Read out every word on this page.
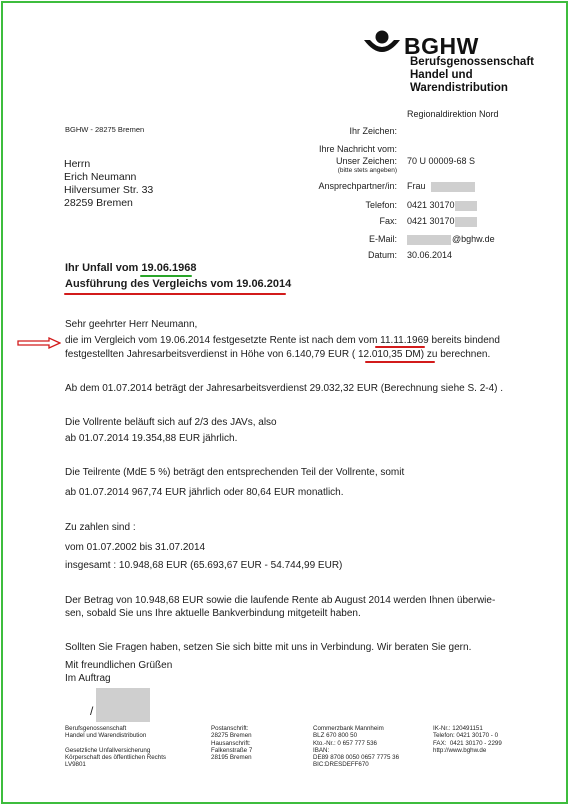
BGHW
Berufsgenossenschaft Handel und Warendistribution
Regionaldirektion Nord
BGHW - 28275 Bremen
Herrn
Erich Neumann
Hilversumer Str. 33
28259 Bremen
Ihr Zeichen:
Ihre Nachricht vom:
Unser Zeichen:
(bitte stets angeben)
70 U 00009-68 S
Ansprechpartner/in: Frau
Telefon: 0421 30170
Fax: 0421 30170
E-Mail:	@bghw.de
Datum: 30.06.2014
Ihr Unfall vom 19.06.1968
Ausführung des Vergleichs vom 19.06.2014
Sehr geehrter Herr Neumann,
die im Vergleich vom 19.06.2014 festgesetzte Rente ist nach dem vom 11.11.1969 bereits bindend
festgestellten Jahresarbeitsverdienst in Höhe von 6.140,79 EUR ( 12.010,35 DM) zu berechnen.
Ab dem 01.07.2014 beträgt der Jahresarbeitsverdienst 29.032,32 EUR (Berechnung siehe S. 2-4) .
Die Vollrente beläuft sich auf 2/3 des JAVs, also
ab 01.07.2014 19.354,88 EUR jährlich.
Die Teilrente (MdE 5 %) beträgt den entsprechenden Teil der Vollrente, somit
ab 01.07.2014 967,74 EUR jährlich oder 80,64 EUR monatlich.
Zu zahlen sind :
vom 01.07.2002 bis 31.07.2014
insgesamt : 10.948,68 EUR (65.693,67 EUR - 54.744,99 EUR)
Der Betrag von 10.948,68 EUR sowie die laufende Rente ab August 2014 werden Ihnen überwie-
sen, sobald Sie uns Ihre aktuelle Bankverbindung mitgeteilt haben.
Sollten Sie Fragen haben, setzen Sie sich bitte mit uns in Verbindung. Wir beraten Sie gern.
Mit freundlichen Grüßen
Im Auftrag
/
Berufsgenossenschaft
Handel und Warendistribution

Gesetzliche Unfallversicherung
Körperschaft des öffentlichen Rechts
LV9801
Postanschrift:
28275 Bremen
Hausanschrift:
Falkenstraße 7
28195 Bremen
Commerzbank Mannheim
BLZ 670 800 50
Kto.-Nr.: 0 657 777 536
IBAN:
DE89 8708 0050 0657 7775 36
BIC:DRESDEFF670
IK-Nr.: 120491151
Telefon: 0421 30170 - 0
FAX:  0421 30170 - 2299
http://www.bghw.de
